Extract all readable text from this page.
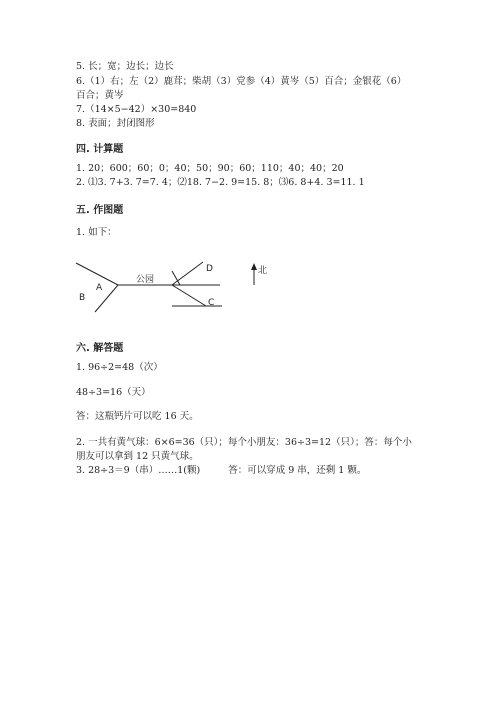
5. 长；宽；边长；边长
6.（1）右；左（2）鹿茸；柴胡（3）党参（4）黄岑（5）百合；金银花（6）
百合；黄岑
7.（14×5−42）×30=840
8. 表面；封闭图形
四. 计算题
1. 20；600；60；0；40；50；90；60；110；40；40；20
2. ⑴3. 7+3. 7=7. 4；⑵18. 7−2. 9=15. 8；⑶6. 8+4. 3=11. 1
五. 作图题
1. 如下：
A
B
公园
D
C
北
六. 解答题
1. 96÷2=48（次）
48÷3=16（天）
答：这瓶钙片可以吃 16 天。
2. 一共有黄气球：6×6=36（只）；每个小朋友：36÷3=12（只）；答：每个小
朋友可以拿到 12 只黄气球。
3. 28÷3＝9（串）……1(颗)	答：可以穿成 9 串，还剩 1 颗。
